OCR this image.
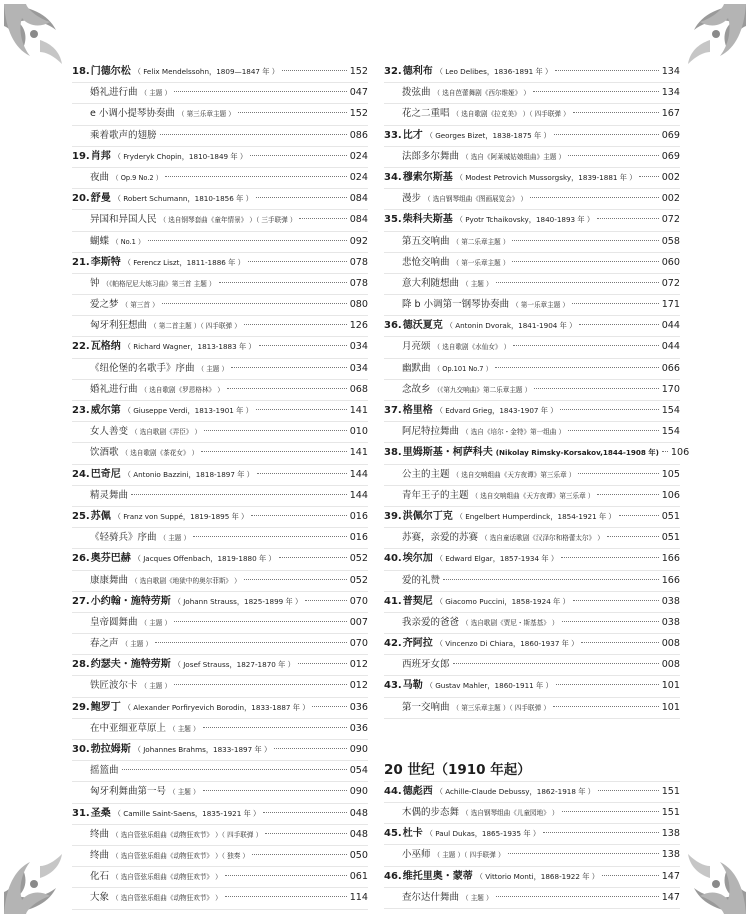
18. 门德尔松 （ Felix Mendelssohn，1809—1847 年 ）	152
婚礼进行曲 （ 主题 ）	047
e 小调小提琴协奏曲 （ 第三乐章主题 ）	152
乘着歌声的翅膀	086
19. 肖邦 （ Fryderyk Chopin，1810-1849 年 ）	024
夜曲 （ Op.9 No.2 ）	024
20. 舒曼 （ Robert Schumann，1810-1856 年 ）	084
异国和异国人民 （ 选自钢琴套曲《童年情景》 ）（ 三手联弹 ）	084
蝴蝶 （ No.1 ）	092
21. 李斯特 （ Ferencz Liszt，1811-1886 年 ）	078
钟 （《帕格尼尼大练习曲》第三首 主题 ）	078
爱之梦 （ 第三首 ）	080
匈牙利狂想曲 （ 第二首主题 ）（ 四手联弹 ）	126
22. 瓦格纳 （ Richard Wagner，1813-1883 年 ）	034
《纽伦堡的名歌手》序曲 （ 主题 ）	034
婚礼进行曲 （ 选自歌剧《罗恩格林》 ）	068
23. 威尔第 （ Giuseppe Verdi，1813-1901 年 ）	141
女人善变 （ 选自歌剧《弄臣》 ）	010
饮酒歌 （ 选自歌剧《茶花女》 ）	141
24. 巴奇尼 （ Antonio Bazzini，1818-1897 年 ）	144
精灵舞曲	144
25. 苏佩 （ Franz von Suppé，1819-1895 年 ）	016
《轻骑兵》序曲 （ 主题 ）	016
26. 奥芬巴赫 （ Jacques Offenbach，1819-1880 年 ）	052
康康舞曲 （ 选自歌剧《地狱中的奥尔菲斯》 ）	052
27. 小约翰・施特劳斯 （ Johann Strauss，1825-1899 年 ）	070
皇帝圆舞曲 （ 主题 ）	007
春之声 （ 主题 ）	070
28. 约瑟夫・施特劳斯 （ Josef Strauss，1827-1870 年 ）	012
铁匠波尔卡 （ 主题 ）	012
29. 鲍罗丁 （ Alexander Porfiryevich Borodin，1833-1887 年 ）	036
在中亚细亚草原上 （ 主题 ）	036
30. 勃拉姆斯 （ Johannes Brahms，1833-1897 年 ）	090
摇篮曲	054
匈牙利舞曲第一号 （ 主题 ）	090
31. 圣桑 （ Camille Saint-Saens，1835-1921 年 ）	048
终曲 （ 选自管弦乐组曲《动物狂欢节》 ）（ 四手联弹 ）	048
终曲 （ 选自管弦乐组曲《动物狂欢节》 ）（ 独奏 ）	050
化石 （ 选自管弦乐组曲《动物狂欢节》 ）	061
大象 （ 选自管弦乐组曲《动物狂欢节》 ）	114
32. 德利布 （ Leo Delibes，1836-1891 年 ）	134
拨弦曲 （ 选自芭蕾舞剧《西尔维娅》 ）	134
花之二重唱 （ 选自歌剧《拉克美》 ）（ 四手联弹 ）	167
33. 比才 （ Georges Bizet，1838-1875 年 ）	069
法郎多尔舞曲 （ 选自《阿莱城姑娘组曲》主题 ）	069
34. 穆索尔斯基 （ Modest Petrovich Mussorgsky，1839-1881 年 ）	002
漫步 （ 选自钢琴组曲《图画展览会》 ）	002
35. 柴科夫斯基 （ Pyotr Tchaikovsky，1840-1893 年 ）	072
第五交响曲 （ 第二乐章主题 ）	058
悲怆交响曲 （ 第一乐章主题 ）	060
意大利随想曲 （ 主题 ）	072
降 b 小调第一钢琴协奏曲 （ 第一乐章主题 ）	171
36. 德沃夏克 （ Antonin Dvorak，1841-1904 年 ）	044
月亮颂 （ 选自歌剧《水仙女》 ）	044
幽默曲 （ Op.101 No.7 ）	066
念故乡 （《第九交响曲》第二乐章主题 ）	170
37. 格里格 （ Edvard Grieg，1843-1907 年 ）	154
阿尼特拉舞曲 （ 选自《培尔・金特》第一组曲 ）	154
38. 里姆斯基・柯萨科夫 (Nikolay Rimsky-Korsakov,1844-1908 年) 106
公主的主题 （ 选自交响组曲《天方夜谭》第三乐章 ）	105
青年王子的主题 （ 选自交响组曲《天方夜谭》第三乐章 ）	106
39. 洪佩尔丁克 （ Engelbert Humperdinck，1854-1921 年 ）	051
苏赛，亲爱的苏赛 （ 选自童话歌剧《汉泽尔和格蕾太尔》 ）	051
40. 埃尔加 （ Edward Elgar，1857-1934 年 ）	166
爱的礼赞	166
41. 普契尼 （ Giacomo Puccini，1858-1924 年 ）	038
我亲爱的爸爸 （ 选自歌剧《贾尼・斯基基》 ）	038
42. 齐阿拉 （ Vincenzo Di Chiara，1860-1937 年 ）	008
西班牙女郎	008
43. 马勒 （ Gustav Mahler，1860-1911 年 ）	101
第一交响曲 （ 第三乐章主题 ）（ 四手联弹 ）	101
20 世纪（1910 年起）
44. 德彪西 （ Achille-Claude Debussy，1862-1918 年 ）	151
木偶的步态舞 （ 选自钢琴组曲《儿童园地》 ）	151
45. 杜卡 （ Paul Dukas，1865-1935 年 ）	138
小巫师 （ 主题 ）（ 四手联弹 ）	138
46. 维托里奥・蒙蒂 （ Vittorio Monti，1868-1922 年 ）	147
查尔达什舞曲 （ 主题 ）	147
